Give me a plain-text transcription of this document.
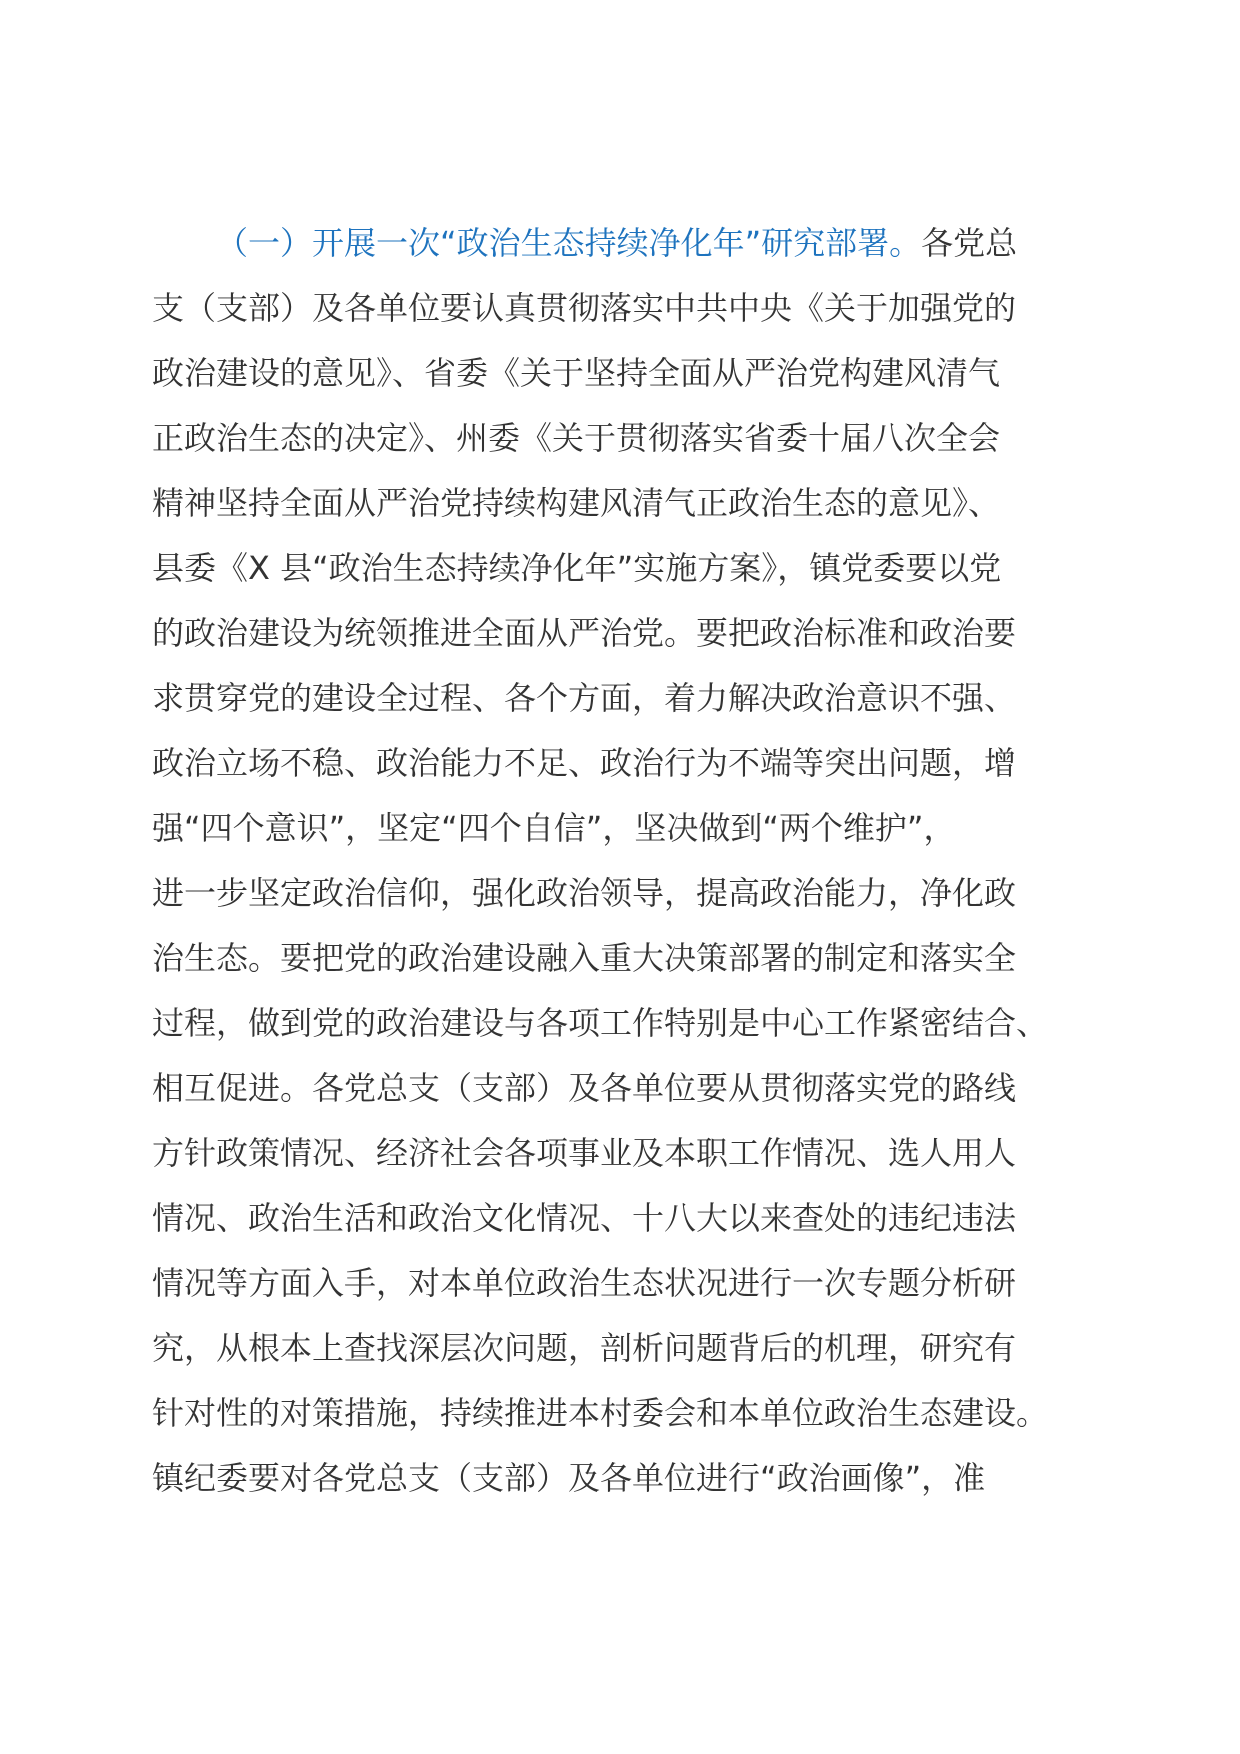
（一）开展一次“政治生态持续净化年”研究部署。各党总
支（支部）及各单位要认真贯彻落实中共中央《关于加强党的
政治建设的意见》、省委《关于坚持全面从严治党构建风清气
正政治生态的决定》、州委《关于贯彻落实省委十届八次全会
精神坚持全面从严治党持续构建风清气正政治生态的意见》、
县委《X 县“政治生态持续净化年”实施方案》，镇党委要以党
的政治建设为统领推进全面从严治党。要把政治标准和政治要
求贯穿党的建设全过程、各个方面，着力解决政治意识不强、
政治立场不稳、政治能力不足、政治行为不端等突出问题，增
强“四个意识”，坚定“四个自信”，坚决做到“两个维护”，
进一步坚定政治信仰，强化政治领导，提高政治能力，净化政
治生态。要把党的政治建设融入重大决策部署的制定和落实全
过程，做到党的政治建设与各项工作特别是中心工作紧密结合、
相互促进。各党总支（支部）及各单位要从贯彻落实党的路线
方针政策情况、经济社会各项事业及本职工作情况、选人用人
情况、政治生活和政治文化情况、十八大以来查处的违纪违法
情况等方面入手，对本单位政治生态状况进行一次专题分析研
究，从根本上查找深层次问题，剖析问题背后的机理，研究有
针对性的对策措施，持续推进本村委会和本单位政治生态建设。
镇纪委要对各党总支（支部）及各单位进行“政治画像”，准
